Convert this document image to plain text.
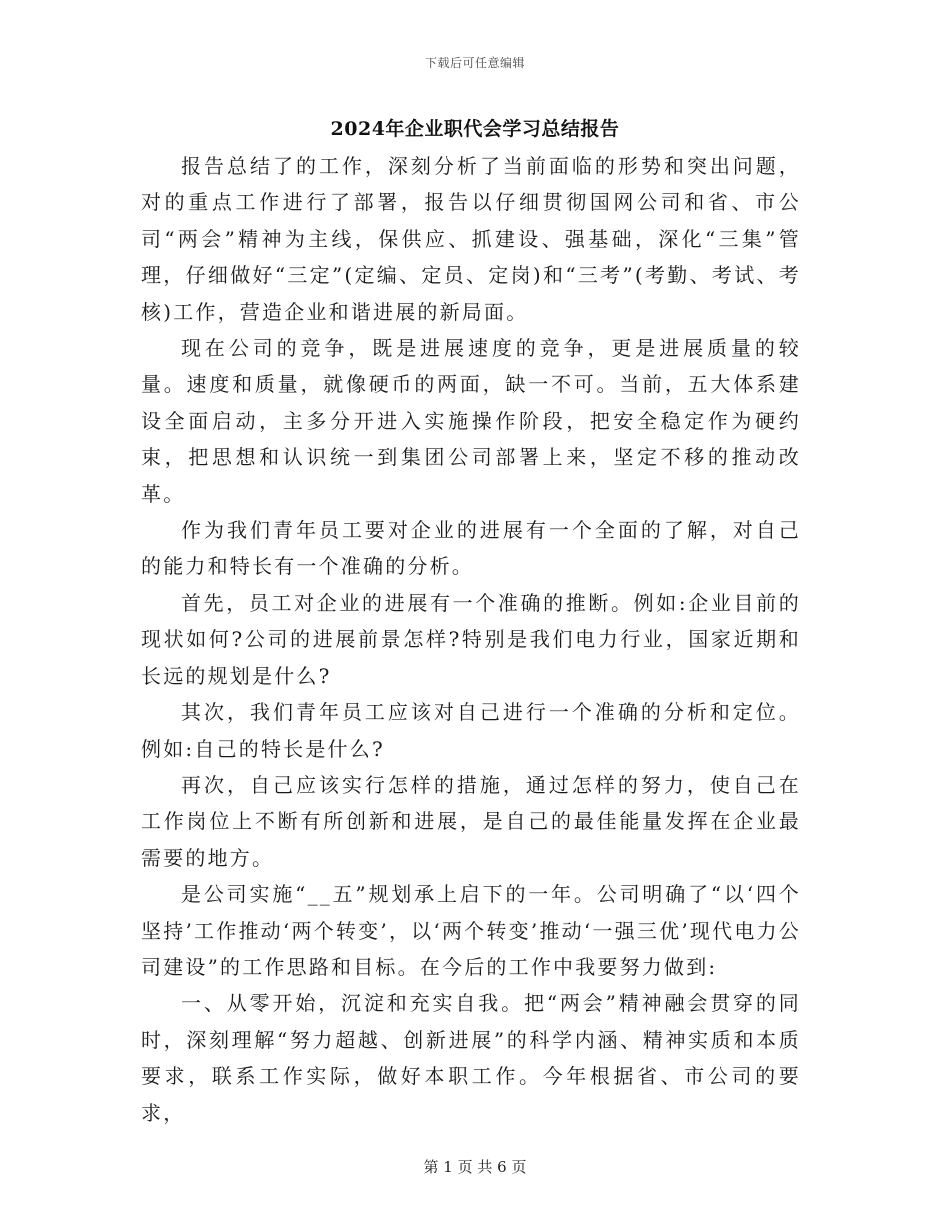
下载后可任意编辑
2024年企业职代会学习总结报告

报告总结了的工作，深刻分析了当前面临的形势和突出问题，对的重点工作进行了部署，报告以仔细贯彻国网公司和省、市公司“两会”精神为主线，保供应、抓建设、强基础，深化“三集”管理，仔细做好“三定”(定编、定员、定岗)和“三考”(考勤、考试、考核)工作，营造企业和谐进展的新局面。

现在公司的竞争，既是进展速度的竞争，更是进展质量的较量。速度和质量，就像硬币的两面，缺一不可。当前，五大体系建设全面启动，主多分开进入实施操作阶段，把安全稳定作为硬约束，把思想和认识统一到集团公司部署上来，坚定不移的推动改革。

作为我们青年员工要对企业的进展有一个全面的了解，对自己的能力和特长有一个准确的分析。

首先，员工对企业的进展有一个准确的推断。例如:企业目前的现状如何?公司的进展前景怎样?特别是我们电力行业，国家近期和长远的规划是什么?

其次，我们青年员工应该对自己进行一个准确的分析和定位。例如:自己的特长是什么?

再次，自己应该实行怎样的措施，通过怎样的努力，使自己在工作岗位上不断有所创新和进展，是自己的最佳能量发挥在企业最需要的地方。

是公司实施“__五”规划承上启下的一年。公司明确了“以‘四个坚持’工作推动‘两个转变’，以‘两个转变’推动‘一强三优’现代电力公司建设”的工作思路和目标。在今后的工作中我要努力做到:

一、从零开始，沉淀和充实自我。把“两会”精神融会贯穿的同时，深刻理解“努力超越、创新进展”的科学内涵、精神实质和本质要求，联系工作实际，做好本职工作。今年根据省、市公司的要求，

第 1 页 共 6 页
